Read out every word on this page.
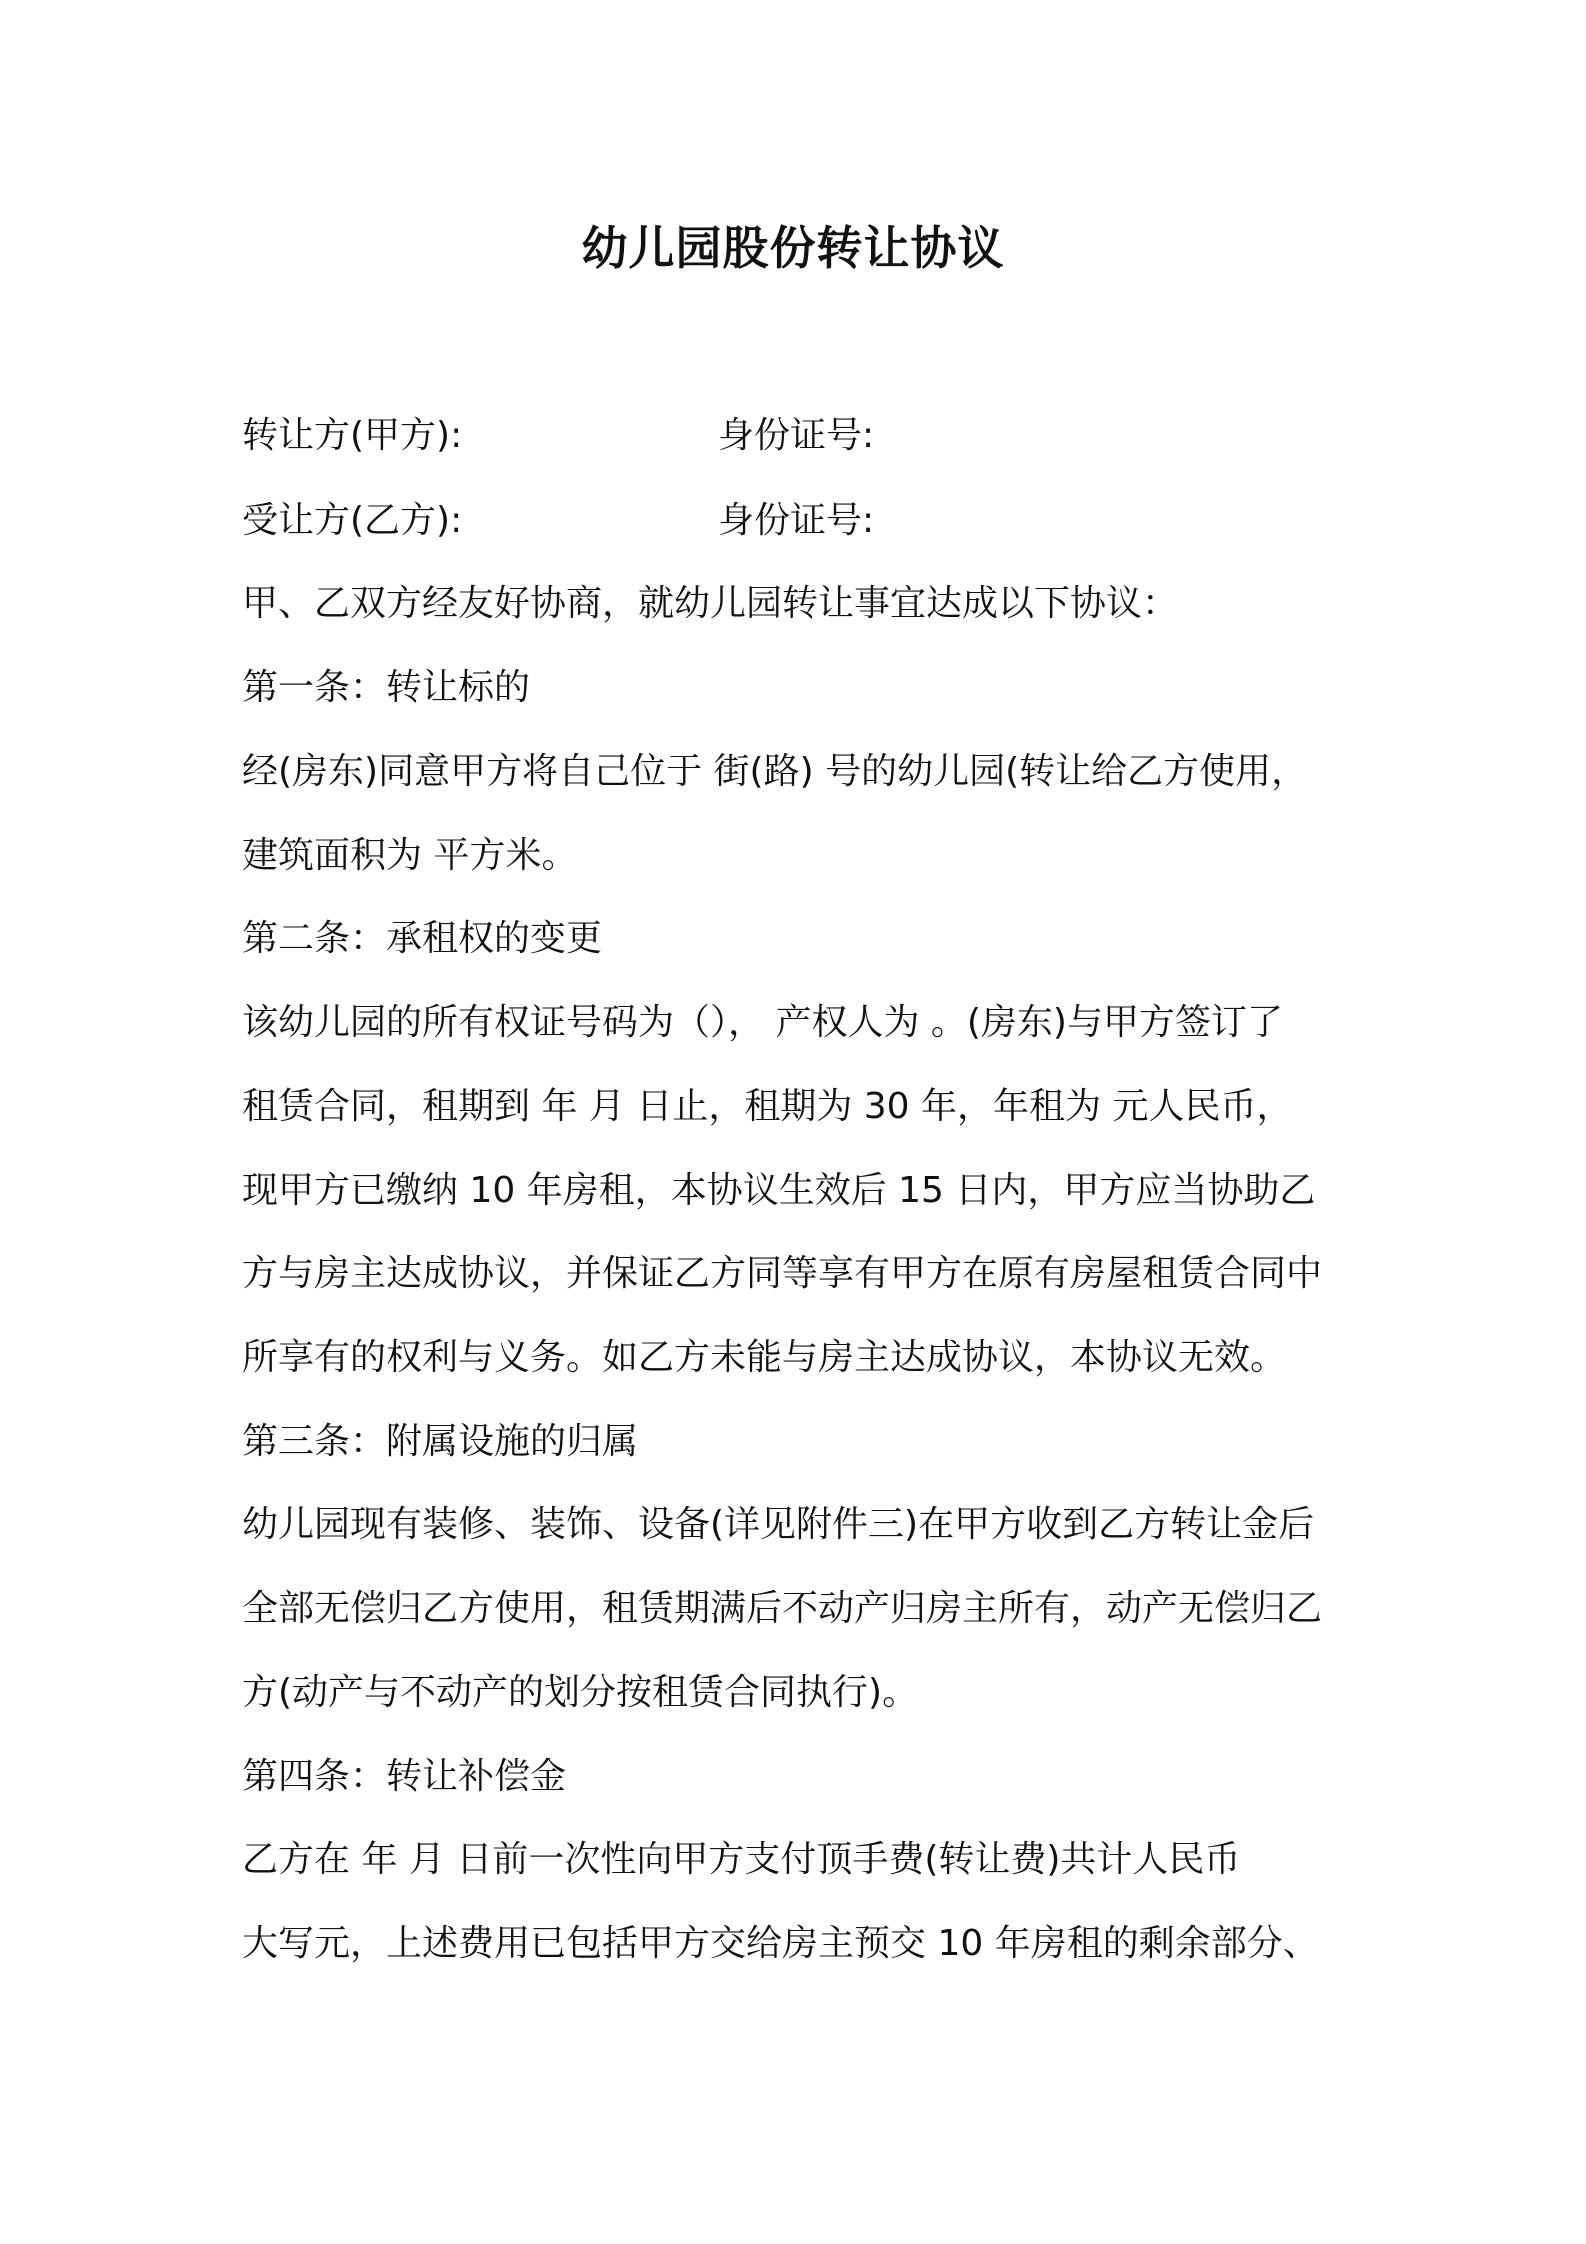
幼儿园股份转让协议
转让方(甲方):	身份证号:
受让方(乙方):	身份证号:

甲、乙双方经友好协商，就幼儿园转让事宜达成以下协议：

第一条：转让标的

经(房东)同意甲方将自己位于 街(路) 号的幼儿园(转让给乙方使用，

建筑面积为 平方米。

第二条：承租权的变更

该幼儿园的所有权证号码为（）， 产权人为 。(房东)与甲方签订了

租赁合同，租期到 年 月 日止，租期为 30 年，年租为 元人民币，

现甲方已缴纳 10 年房租，本协议生效后 15 日内，甲方应当协助乙

方与房主达成协议，并保证乙方同等享有甲方在原有房屋租赁合同中

所享有的权利与义务。如乙方未能与房主达成协议，本协议无效。

第三条：附属设施的归属

幼儿园现有装修、装饰、设备(详见附件三)在甲方收到乙方转让金后

全部无偿归乙方使用，租赁期满后不动产归房主所有，动产无偿归乙

方(动产与不动产的划分按租赁合同执行)。

第四条：转让补偿金

乙方在 年 月 日前一次性向甲方支付顶手费(转让费)共计人民币

大写元，上述费用已包括甲方交给房主预交 10 年房租的剩余部分、
